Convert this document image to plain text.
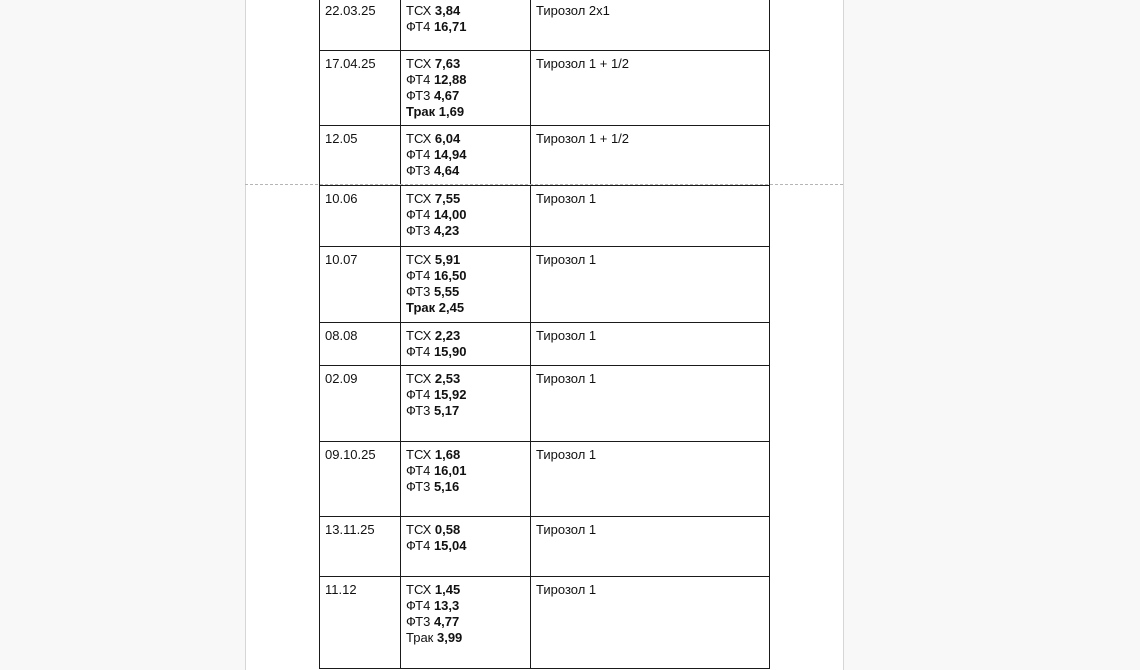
22.03.25	ТСХ 3,84
ФТ4 16,71	Тирозол 2х1

17.04.25	ТСХ 7,63
ФТ4 12,88
ФТ3 4,67
Трак 1,69	Тирозол 1 + 1/2

12.05	ТСХ 6,04
ФТ4 14,94
ФТ3 4,64	Тирозол 1 + 1/2
10.06	ТСХ 7,55
ФТ4 14,00
ФТ3 4,23	Тирозол 1

10.07	ТСХ 5,91
ФТ4 16,50
ФТ3 5,55
Трак 2,45	Тирозол 1

08.08	ТСХ 2,23
ФТ4 15,90	Тирозол 1

02.09	ТСХ 2,53
ФТ4 15,92
ФТ3 5,17	Тирозол 1

09.10.25	ТСХ 1,68
ФТ4 16,01
ФТ3 5,16	Тирозол 1

13.11.25	ТСХ 0,58
ФТ4 15,04	Тирозол 1

11.12	ТСХ 1,45
ФТ4 13,3
ФТ3 4,77
Трак 3,99	Тирозол 1
